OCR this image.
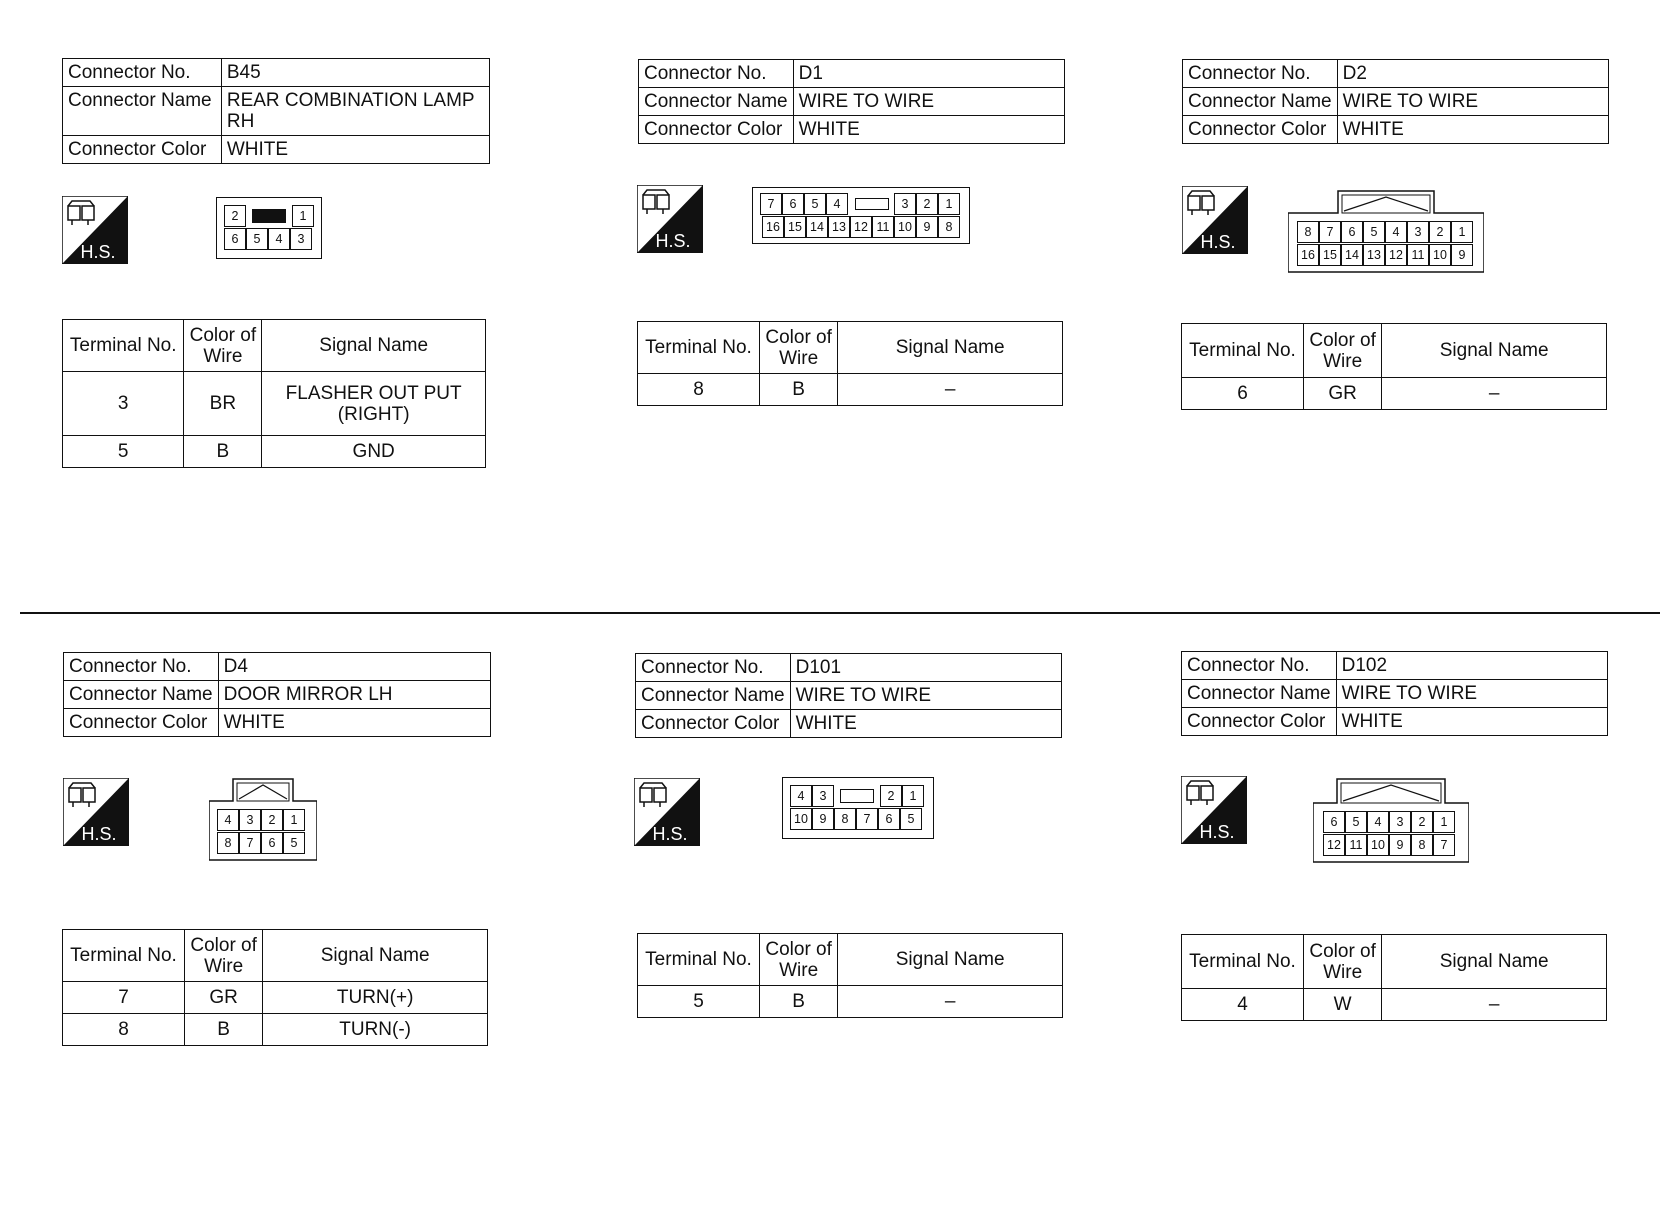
Connector No.	B45
Connector Name	REAR COMBINATION LAMP RH
Connector Color	WHITE
H.S.
2	1
6	5	4	3
Terminal No.	Color of Wire	Signal Name
3	BR	FLASHER OUT PUT (RIGHT)
5	B	GND
Connector No.	D1
Connector Name	WIRE TO WIRE
Connector Color	WHITE
H.S.
7	6	5	4	3	2	1
16 15 14 13 12 11 10 9	8
Terminal No.	Color of Wire	Signal Name
8	B	–
Connector No.	D2
Connector Name	WIRE TO WIRE
Connector Color	WHITE
H.S.	8	7	6	5	4	3	2	1
16 15 14 13 12 11 10 9
Terminal No.	Color of Wire	Signal Name
6	GR	–
Connector No.	D4
Connector Name	DOOR MIRROR LH
Connector Color	WHITE
H.S.
4	3	2	1
8	7	6	5
Terminal No.	Color of Wire	Signal Name
7	GR	TURN(+)
8	B	TURN(-)
Connector No.	D101
Connector Name	WIRE TO WIRE
Connector Color	WHITE
H.S.
4	3	2	1
10 9	8	7	6	5
Terminal No.	Color of Wire	Signal Name
5	B	–
Connector No.	D102
Connector Name	WIRE TO WIRE
Connector Color	WHITE
H.S.	6	5	4	3	2	1
12 11 10 9	8	7
Terminal No.	Color of Wire	Signal Name
4	W	–
